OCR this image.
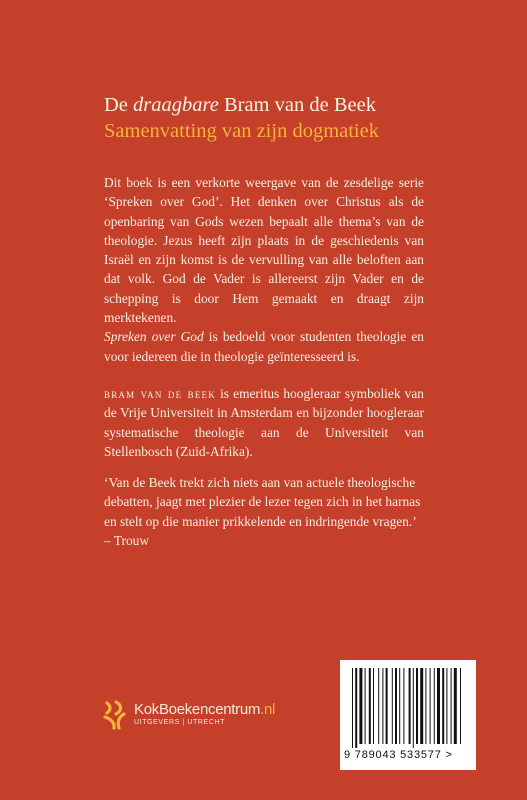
De draagbare Bram van de Beek
Samenvatting van zijn dogmatiek

Dit boek is een verkorte weergave van de zesdelige serie ‘Spreken over God’. Het denken over Christus als de openbaring van Gods wezen bepaalt alle thema’s van de theologie. Jezus heeft zijn plaats in de geschiedenis van Israël en zijn komst is de vervulling van alle beloften aan dat volk. God de Vader is allereerst zijn Vader en de schepping is door Hem gemaakt en draagt zijn merktekenen.

Spreken over God is bedoeld voor studenten theologie en voor iedereen die in theologie geïnteresseerd is.

bram van de beek is emeritus hoogleraar symboliek van de Vrije Universiteit in Amsterdam en bijzonder hoogleraar systematische theologie aan de Universiteit van Stellenbosch (Zuid-Afrika).

‘Van de Beek trekt zich niets aan van actuele theologische debatten, jaagt met plezier de lezer tegen zich in het harnas en stelt op die manier prikkelende en indringende vragen.’

– Trouw

KokBoekencentrum.nl
UITGEVERS | UTRECHT
9 789043 533577 >
